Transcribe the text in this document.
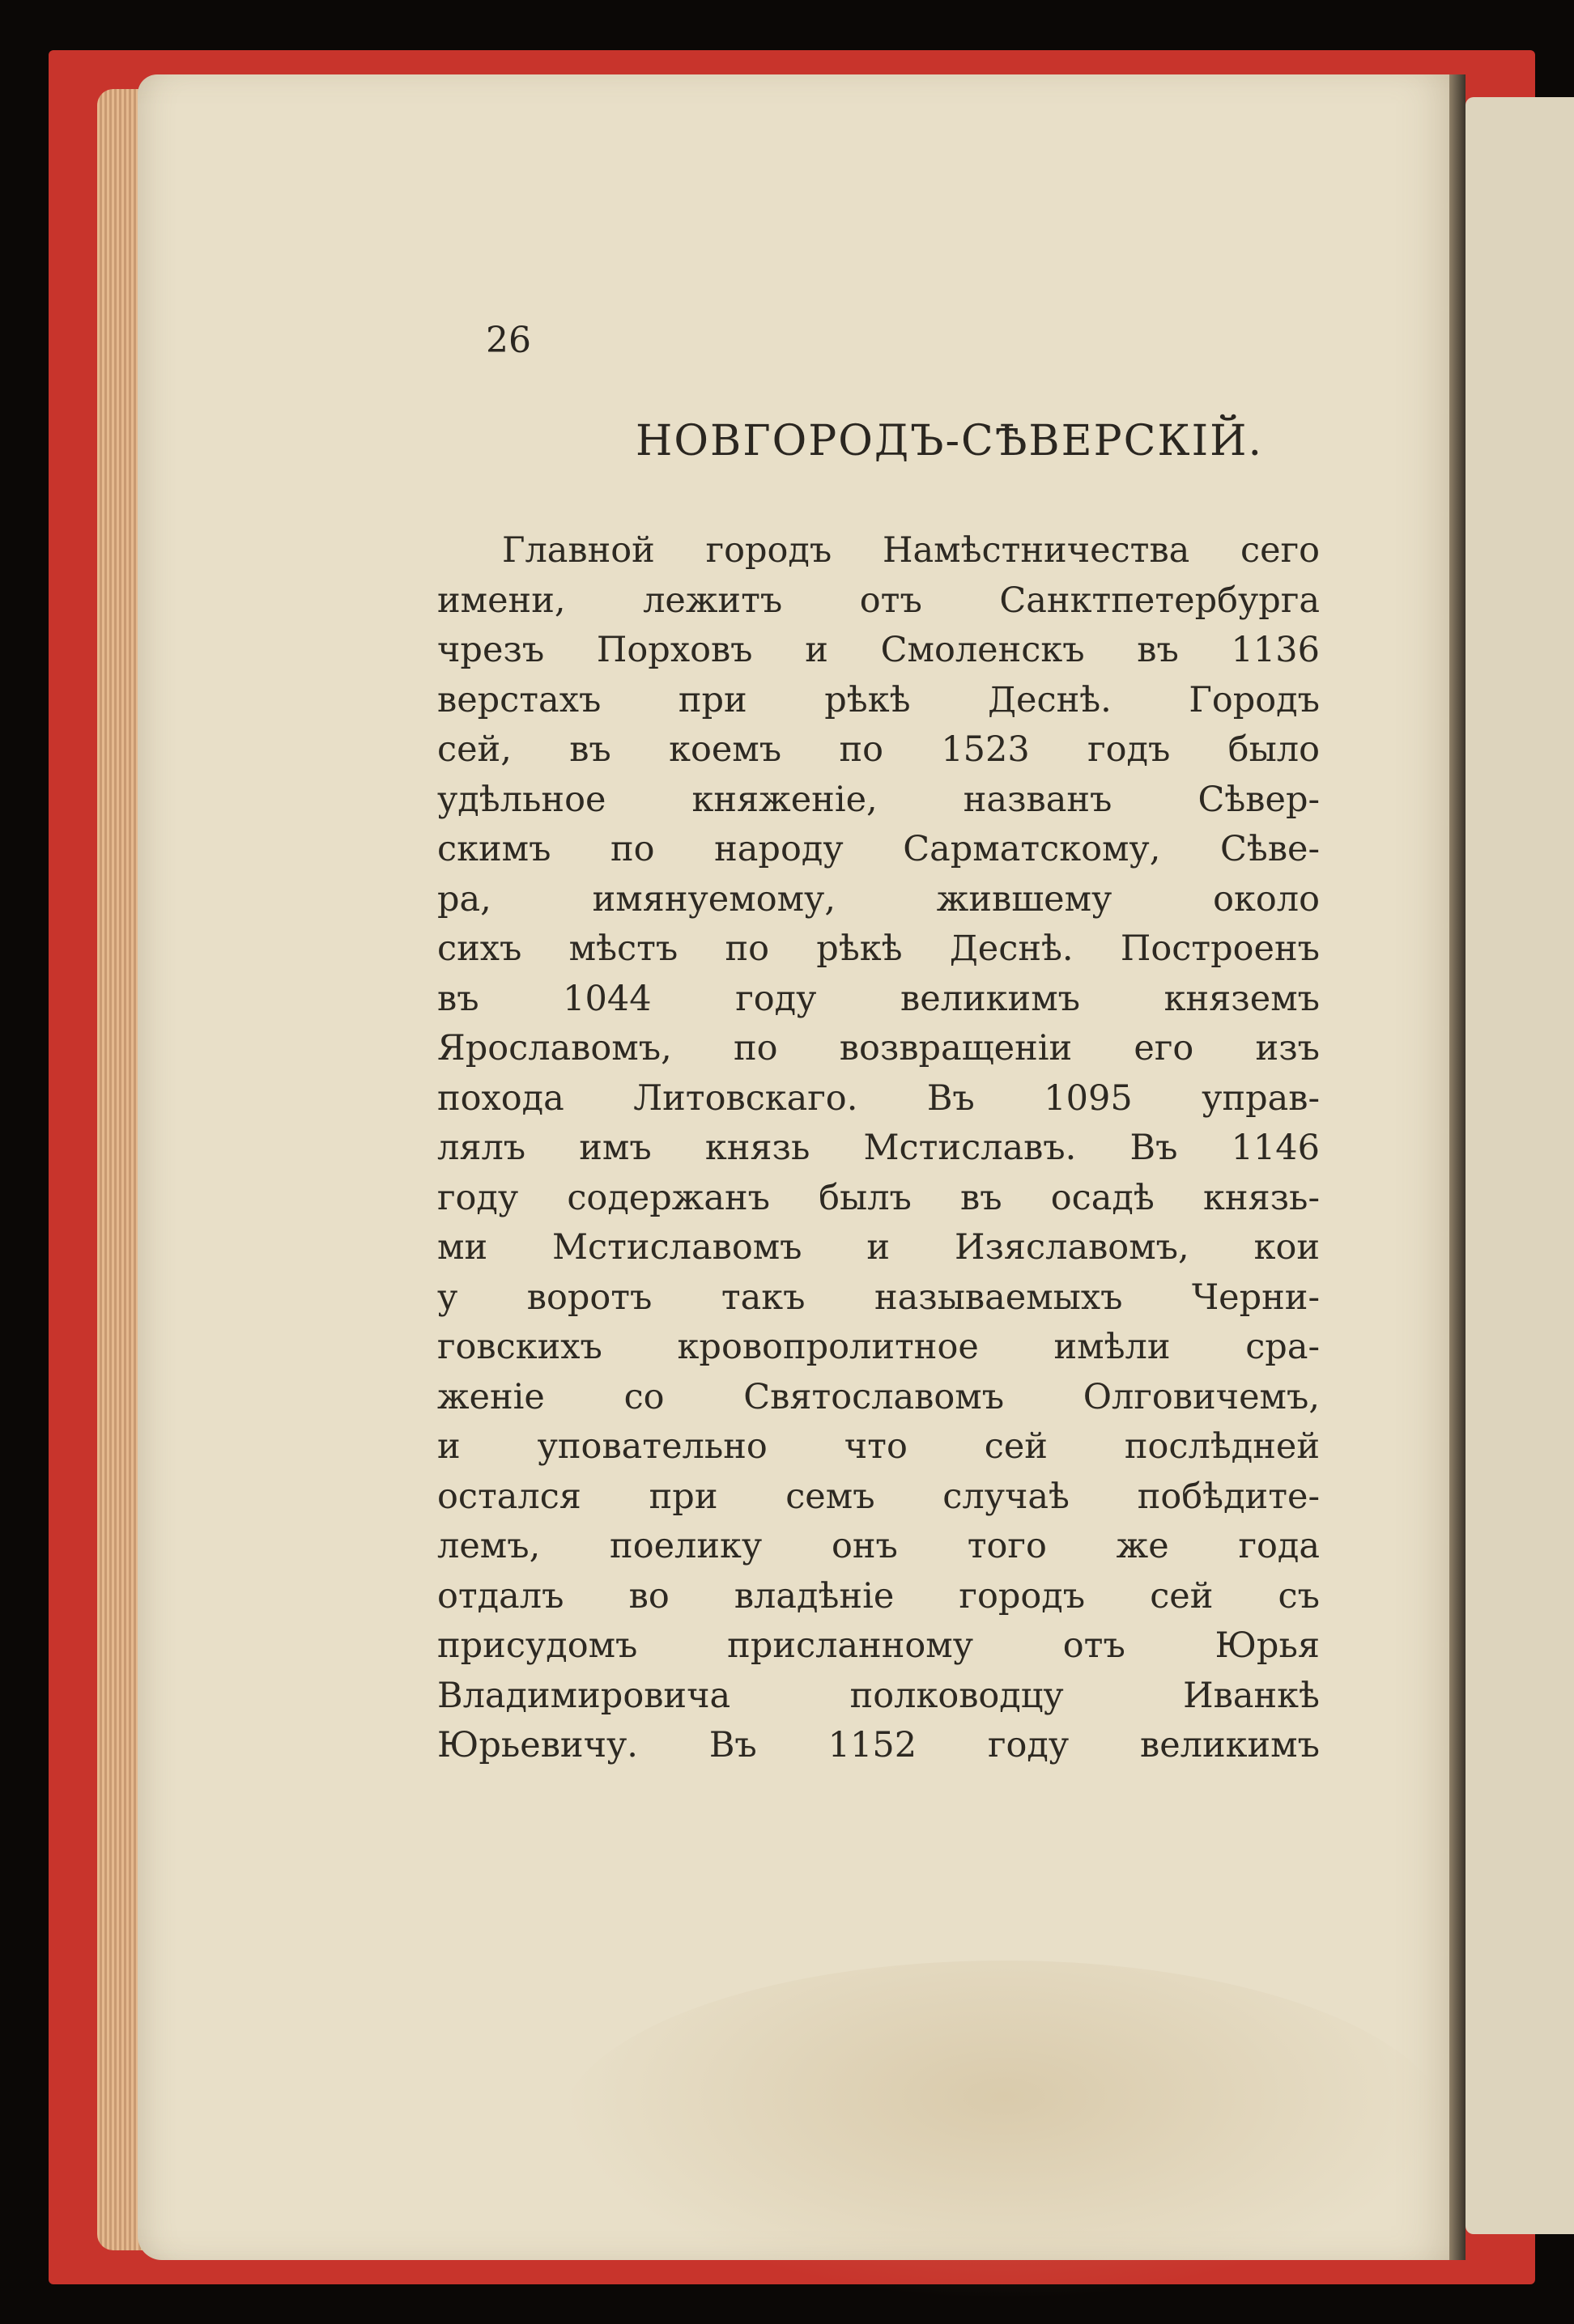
26
НОВГОРОДЪ-СѢВЕРСКІЙ.
Главной городъ Намѣстничества сего
имени, лежитъ отъ Санктпетербурга
чрезъ Порховъ и Смоленскъ въ 1136
верстахъ при рѣкѣ Деснѣ. Городъ
сей, въ коемъ по 1523 годъ было
удѣльное княженіе, названъ Сѣвер-
скимъ по народу Сарматскому, Сѣве-
ра, имянуемому, жившему около
сихъ мѣстъ по рѣкѣ Деснѣ. Построенъ
въ 1044 году великимъ княземъ
Ярославомъ, по возвращеніи его изъ
похода Литовскаго. Въ 1095 управ-
лялъ имъ князь Мстиславъ. Въ 1146
году содержанъ былъ въ осадѣ князь-
ми Мстиславомъ и Изяславомъ, кои
у воротъ такъ называемыхъ Черни-
говскихъ кровопролитное имѣли сра-
женіе со Святославомъ Олговичемъ,
и уповательно что сей послѣдней
остался при семъ случаѣ побѣдите-
лемъ, поелику онъ того же года
отдалъ во владѣніе городъ сей съ
присудомъ присланному отъ Юрья
Владимировича полководцу Иванкѣ
Юрьевичу. Въ 1152 году великимъ
